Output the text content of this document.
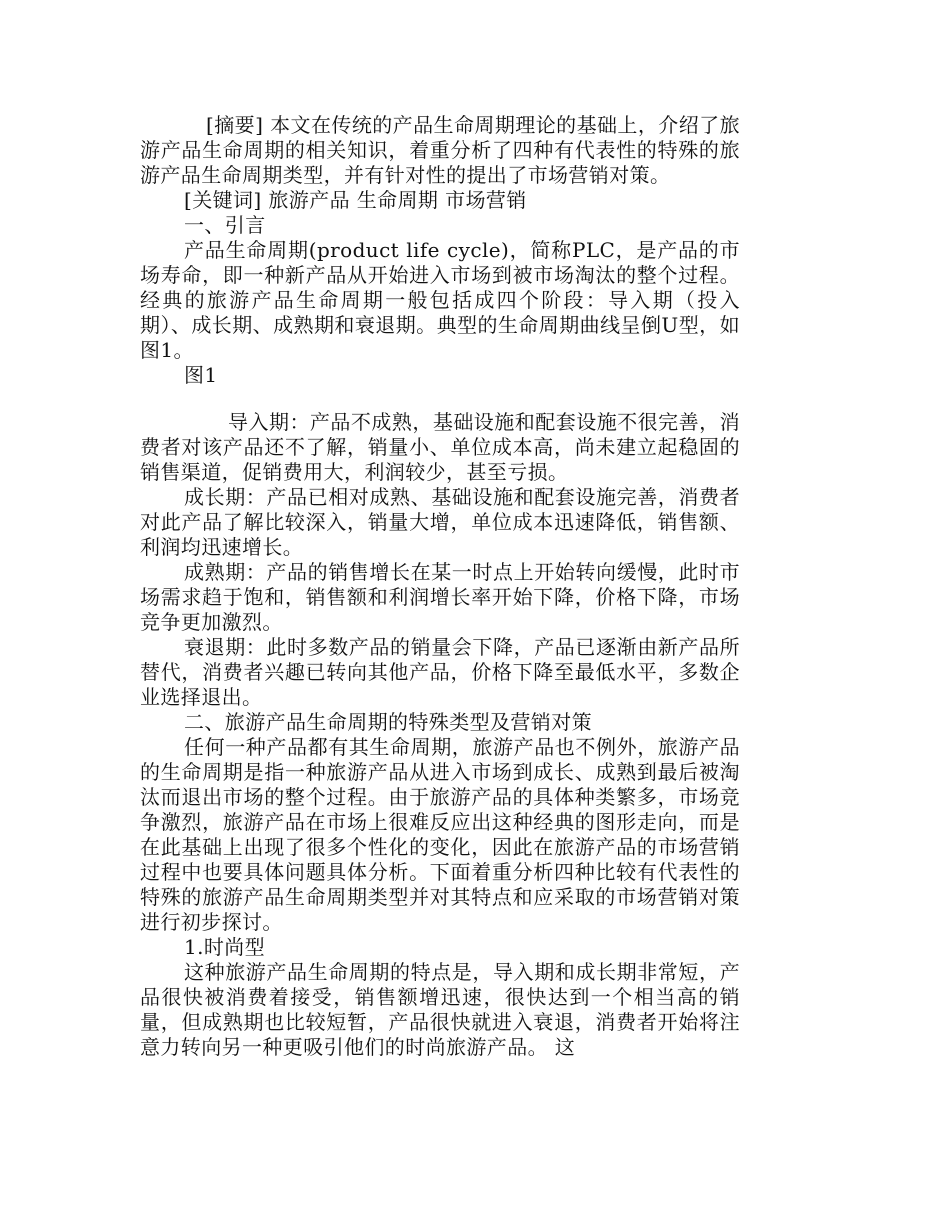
[摘要] 本文在传统的产品生命周期理论的基础上，介绍了旅游产品生命周期的相关知识，着重分析了四种有代表性的特殊的旅游产品生命周期类型，并有针对性的提出了市场营销对策。

[关键词] 旅游产品 生命周期 市场营销

一、引言

产品生命周期(product life cycle)，简称PLC，是产品的市场寿命，即一种新产品从开始进入市场到被市场淘汰的整个过程。经典的旅游产品生命周期一般包括成四个阶段：导入期（投入期）、成长期、成熟期和衰退期。典型的生命周期曲线呈倒U型，如图1。

图1

导入期：产品不成熟，基础设施和配套设施不很完善，消费者对该产品还不了解，销量小、单位成本高，尚未建立起稳固的销售渠道，促销费用大，利润较少，甚至亏损。

成长期：产品已相对成熟、基础设施和配套设施完善，消费者对此产品了解比较深入，销量大增，单位成本迅速降低，销售额、利润均迅速增长。

成熟期：产品的销售增长在某一时点上开始转向缓慢，此时市场需求趋于饱和，销售额和利润增长率开始下降，价格下降，市场竞争更加激烈。

衰退期：此时多数产品的销量会下降，产品已逐渐由新产品所替代，消费者兴趣已转向其他产品，价格下降至最低水平，多数企业选择退出。

二、旅游产品生命周期的特殊类型及营销对策

任何一种产品都有其生命周期，旅游产品也不例外，旅游产品的生命周期是指一种旅游产品从进入市场到成长、成熟到最后被淘汰而退出市场的整个过程。由于旅游产品的具体种类繁多，市场竞争激烈，旅游产品在市场上很难反应出这种经典的图形走向，而是在此基础上出现了很多个性化的变化，因此在旅游产品的市场营销过程中也要具体问题具体分析。下面着重分析四种比较有代表性的特殊的旅游产品生命周期类型并对其特点和应采取的市场营销对策进行初步探讨。

1.时尚型

这种旅游产品生命周期的特点是，导入期和成长期非常短，产品很快被消费着接受，销售额增迅速，很快达到一个相当高的销量，但成熟期也比较短暂，产品很快就进入衰退，消费者开始将注意力转向另一种更吸引他们的时尚旅游产品。 这
